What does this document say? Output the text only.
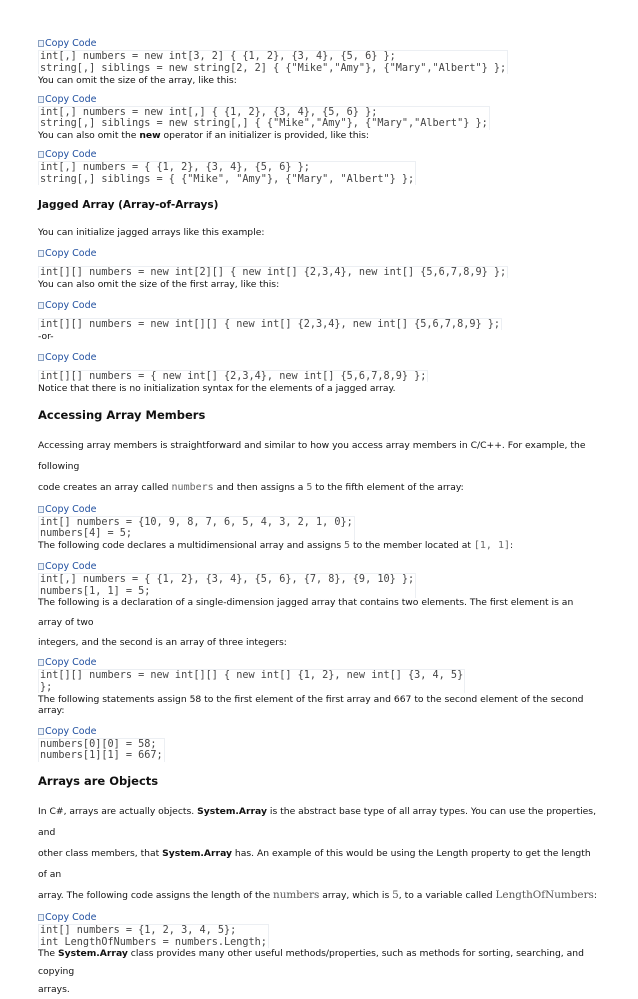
Copy Code
int[,] numbers = new int[3, 2] { {1, 2}, {3, 4}, {5, 6} };
string[,] siblings = new string[2, 2] { {"Mike","Amy"}, {"Mary","Albert"} };
You can omit the size of the array, like this:
Copy Code
int[,] numbers = new int[,] { {1, 2}, {3, 4}, {5, 6} };
string[,] siblings = new string[,] { {"Mike","Amy"}, {"Mary","Albert"} };
You can also omit the new operator if an initializer is provided, like this:
Copy Code
int[,] numbers = { {1, 2}, {3, 4}, {5, 6} };
string[,] siblings = { {"Mike", "Amy"}, {"Mary", "Albert"} };
Jagged Array (Array-of-Arrays)
You can initialize jagged arrays like this example:
Copy Code
int[][] numbers = new int[2][] { new int[] {2,3,4}, new int[] {5,6,7,8,9} };
You can also omit the size of the first array, like this:
Copy Code
int[][] numbers = new int[][] { new int[] {2,3,4}, new int[] {5,6,7,8,9} };
-or-
Copy Code
int[][] numbers = { new int[] {2,3,4}, new int[] {5,6,7,8,9} };
Notice that there is no initialization syntax for the elements of a jagged array.
Accessing Array Members
Accessing array members is straightforward and similar to how you access array members in C/C++. For example, the following
code creates an array called numbers and then assigns a 5 to the fifth element of the array:
Copy Code
int[] numbers = {10, 9, 8, 7, 6, 5, 4, 3, 2, 1, 0};
numbers[4] = 5;
The following code declares a multidimensional array and assigns 5 to the member located at [1, 1]:
Copy Code
int[,] numbers = { {1, 2}, {3, 4}, {5, 6}, {7, 8}, {9, 10} };
numbers[1, 1] = 5;
The following is a declaration of a single-dimension jagged array that contains two elements. The first element is an array of two
integers, and the second is an array of three integers:
Copy Code
int[][] numbers = new int[][] { new int[] {1, 2}, new int[] {3, 4, 5}
};
The following statements assign 58 to the first element of the first array and 667 to the second element of the second array:
Copy Code
numbers[0][0] = 58;
numbers[1][1] = 667;
Arrays are Objects
In C#, arrays are actually objects. System.Array is the abstract base type of all array types. You can use the properties, and
other class members, that System.Array has. An example of this would be using the Length property to get the length of an
array. The following code assigns the length of the numbers array, which is 5, to a variable called LengthOfNumbers:
Copy Code
int[] numbers = {1, 2, 3, 4, 5};
int LengthOfNumbers = numbers.Length;
The System.Array class provides many other useful methods/properties, such as methods for sorting, searching, and copying
arrays.
